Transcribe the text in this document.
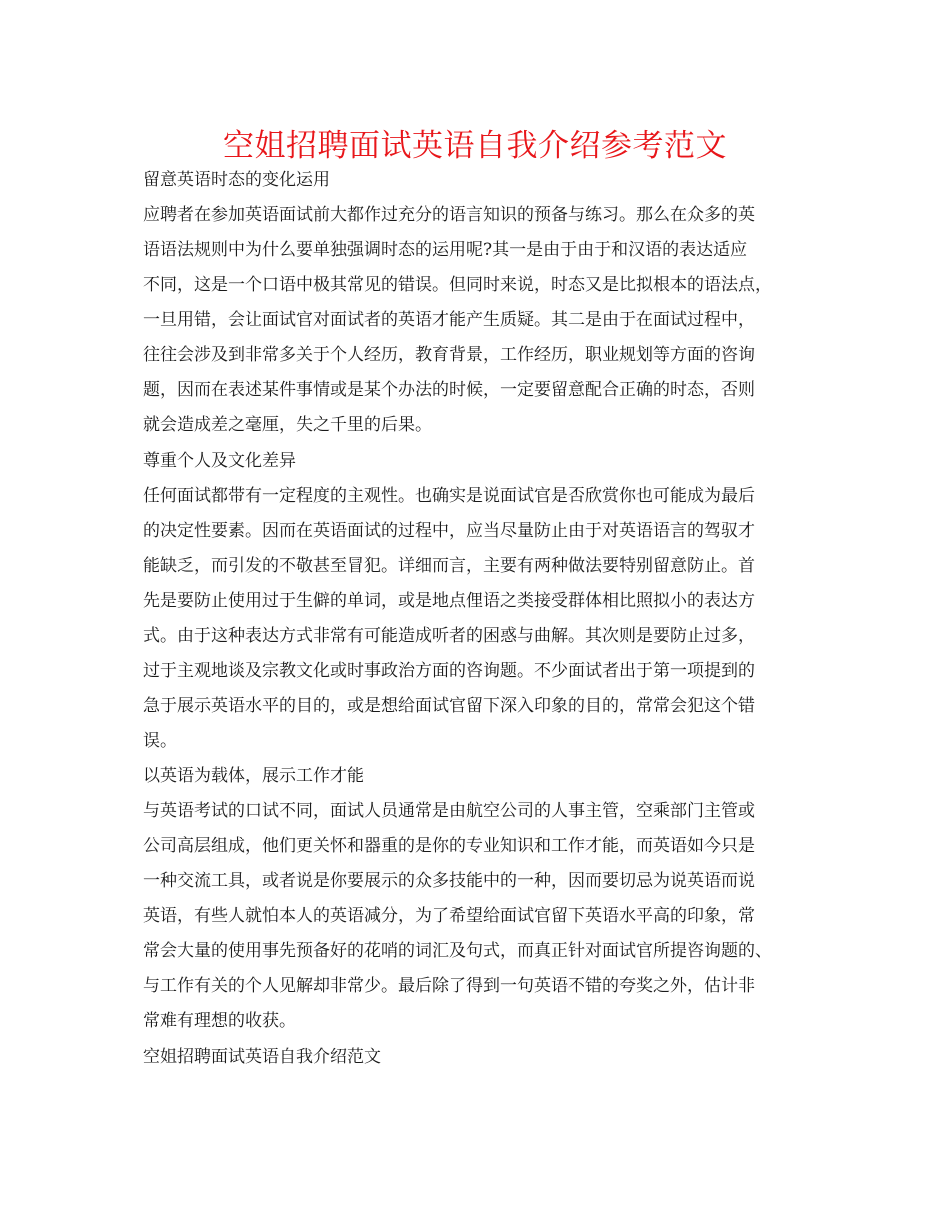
空姐招聘面试英语自我介绍参考范文

留意英语时态的变化运用

应聘者在参加英语面试前大都作过充分的语言知识的预备与练习。那么在众多的英

语语法规则中为什么要单独强调时态的运用呢?其一是由于由于和汉语的表达适应

不同，这是一个口语中极其常见的错误。但同时来说，时态又是比拟根本的语法点，

一旦用错，会让面试官对面试者的英语才能产生质疑。其二是由于在面试过程中，

往往会涉及到非常多关于个人经历，教育背景，工作经历，职业规划等方面的咨询

题，因而在表述某件事情或是某个办法的时候，一定要留意配合正确的时态，否则

就会造成差之毫厘，失之千里的后果。

尊重个人及文化差异

任何面试都带有一定程度的主观性。也确实是说面试官是否欣赏你也可能成为最后

的决定性要素。因而在英语面试的过程中，应当尽量防止由于对英语语言的驾驭才

能缺乏，而引发的不敬甚至冒犯。详细而言，主要有两种做法要特别留意防止。首

先是要防止使用过于生僻的单词，或是地点俚语之类接受群体相比照拟小的表达方

式。由于这种表达方式非常有可能造成听者的困惑与曲解。其次则是要防止过多，

过于主观地谈及宗教文化或时事政治方面的咨询题。不少面试者出于第一项提到的

急于展示英语水平的目的，或是想给面试官留下深入印象的目的，常常会犯这个错

误。

以英语为载体，展示工作才能

与英语考试的口试不同，面试人员通常是由航空公司的人事主管，空乘部门主管或

公司高层组成，他们更关怀和器重的是你的专业知识和工作才能，而英语如今只是

一种交流工具，或者说是你要展示的众多技能中的一种，因而要切忌为说英语而说

英语，有些人就怕本人的英语减分，为了希望给面试官留下英语水平高的印象，常

常会大量的使用事先预备好的花哨的词汇及句式，而真正针对面试官所提咨询题的、

与工作有关的个人见解却非常少。最后除了得到一句英语不错的夸奖之外，估计非

常难有理想的收获。

空姐招聘面试英语自我介绍范文
